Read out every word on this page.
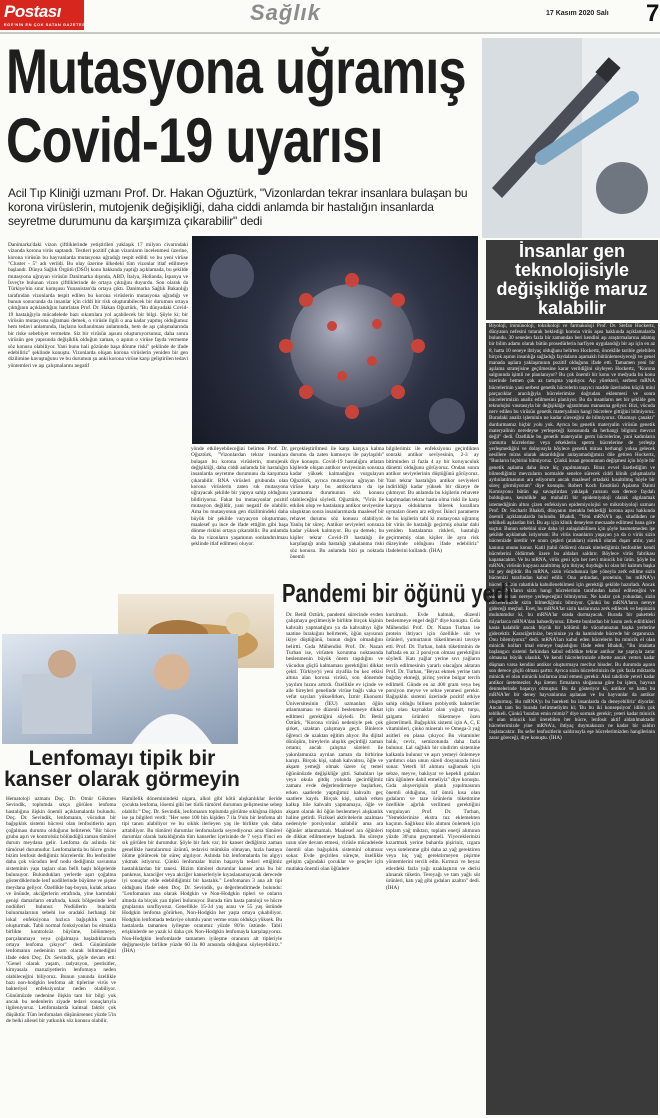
Postası
EGE'NİN EN ÇOK SATAN GAZETESİ	Sağlık	17 Kasım 2020 Salı 7
Mutasyona uğramış
Covid-19 uyarısı
Acil Tıp Kliniği uzmanı Prof. Dr. Hakan Oğuztürk, "Vizonlardan tekrar insanlara bulaşan bu korona virüslerin, mutojenik değişikliği, daha ciddi anlamda bir hastalığın insanlarda seyretme durumunu da karşımıza çıkarabilir" dedi
Danimarka'daki vizon çiftliklerinde yetiştirilen yaklaşık 17 milyon civarındaki vizonda korona virüs saptandı. Testleri pozitif çıkan vizonların incelenmesi üzerine, korona virüsün bu hayvanlarda mutasyona uğradığı tespit edildi ve bu yeni virüse "Cluster - 5" adı verildi. Bu olay üzerine ülkedeki tüm vizonlar itlaf edilmeye başlandı. Dünya Sağlık Örgütü (DSÖ) konu hakkında yaptığı açıklamada, bu şekilde mutasyona uğrayan virüsün Danimarka dışında, ABD, İtalya, Hollanda, İspanya ve İsveç'te bulunan vizon çiftliklerinde de ortaya çıktığını duyurdu. Son olarak da Türkiye'nin sınır komşusu Yunanistan'da ortaya çıktı. Danimarka Sağlık Bakanlığı tarafından vizonlarda tespit edilen bu korona virüslerin mutasyona uğradığı ve bunun sonucunda da insanlar için ciddi bir risk oluşturabilecek bir durumun ortaya çıktığının açıklandığını hatırlatan Prof. Dr. Hakan Oğuztürk, "Bu dünyadaki Covid-19 hastalığıyla mücadelede bazı sıkıntılara yol açabilecek bir bilgi. Şöyle ki; bir virüsün mutasyona uğraması demek, o virüsle ilgili o ana kadar yapmış olduğumuz hem tedavi anlamında, ilaçların kullanılması anlamında, hem de aşı çalışmalarında bir riske sebebiyet vermekte. Siz bir virüsün aşısını oluşturuyorsunuz, daha sonra virüsün gen yapısında değişiklik olduğun zaman, o aşının o virüse fayda vermeme söz konusu olabiliyor. Yani bunu hali gözünde başa dönme riski" şeklinde de ifade edebiliriz" şeklinde konuştu. Vizonlarda oluşan korona virüslerin yeniden bir gen dizilimine kavuştuğunu ve bu durumun şu anki korona virüse karşı geliştirilen tedavi yöntemleri ve aşı çalışmalarını negatif
yönde etkileyebileceğini belirten Prof. Dr. Oğuztürk, "Vizonlardan tekrar insanlara bulaşan bu korona virüslerin, mutojenik değişikliği, daha ciddi anlamda bir hastalığın insanlarda seyretme durumunu da karşımıza çıkarabilir. RNA virüsleri grubunda olan korona virüslerin zaten sık mutasyona uğrayacak şekilde bir yapıya sahip olduğunu bildiriyoruz. Fakat bu mutasyonlar pozitif mutasyon değildir, yani negatif de olabilir. Ama bu mutasyonun gen dizilimindeki daha büyük bir şekilde varyasyon oluşturması, maalesef şu ince de ifade ettiğim gibi başa dönme riskini ortaya çıkarabilir. Bu anlamda da bu vizonların yaşamının sonlandırılması şeklinde itlaf edilmesi oluyor.
gerçekleştirilmesi ile karşı karşıya kalma durumu da zaten kamuoyu ile paylaşıldı" diye konuştu. Covid-19 hastalığını atlatan kişilerde oluşan antikor seviyesinin sonsuza kadar yüksek kalmadığını vurgulayan Oğuztürk, ayrıca mutasyona uğrayan bir virüse karşı bu antikorların da işe yaramama durumunun söz konusu olabileceğini söyledi. Oğuztürk, "Virüs ile etkilek olup ve hastalanıp antikor seviyesine ulaştıktan sonra insanlarımızda maalesef bir rehavet durumu söz konusu olabiliyor. Yanlış bir süreç. Antikor seviyeleri sonsuza kadar yüksek kalmıyor. Bu şu demek; bu kişiler tekrar Covid-19 hastalığı ile karşılaştığı anda hastalığı yakalanma riski söz konusu. Bu anlamda bizi şu noktada önemli
bilgilerimiz ile enfeksiyonu geçirdikten sonraki antikor seviyesinin, 2-3 ay bitiminden zi fazla 4 ay bir koruyuculuk dönemi olduğunu görüyoruz. Ondan sonra antikor seviyelerinin düştüğünü görüyoruz. Yani tekrar hastalığın antikor seviyeleri indirildiği kadar yüksek bir düzeye de çıkmıyor. Bu anlamda bu kişilerin rehavete kapılmadan tekrar hasta olma riski ile karşı karşıya olduklarını bilerek kurallara uymaları önem arz ediyor. İkinci parametre de bu kişilerin tabi ki mutasyona uğramış bir virüs ile hastalığı geçirmiş olsalar dahi yeniden hastalanma riskleri, hastalığı geçirmemiş olan kişiler ile aynı risk düzeyinde olduğunu ifade edebiliriz" ifadelerini kullandı. (İHA)
İnsanlar gen teknolojisiyle değişikliğe maruz kalabilir
Biyoloji, immünoloji, toksikoloji ve farmakoloji Prof. Dr. Stefan Hockertz, dünyanın nefesini tutarak beklediği korona virüs aşısı hakkında açıklamalarda bulundu. 30 seneden fazla bir zamandan beri kendini aşı araştırmalarına adamış bir bilim adamı olarak bütün prosedürlerin harfiyen uygulandığı bir aşı için en az 8, hatta 10 seneye ihtiyaç olduğunu belirten Hockertz, önceklile tarihle gelebilen birçok aşının insanlığa sağladığı faydaların aşamaklı bütünlemesiyeceği ve genel manada aşılara yaklaşımının pozitif olduğunu ifade etti. Tamamen yeni bir aşılama stratejisine geçilmesine karar verildiğini söyleyen Hockertz, "Korona salgınında işimli ne planlanıyor? Bu çok önemli bir konu ve medyada bu konu üzerinde hemen çok az tartışma yapılıyor. Aşı yürekteri, serbest mRNA hücrelerinin yani serbest genetik hücrelerin taşıyıcı madde üzerinden küçük mini parçacıklar aracılığıyla hücrelerimize doğrudan eklenmesi ve sonra hücrelerimizin analiz edilmesini planlıyor. Bu da insanların net bir şekilde gen teknolojisi vasıtasıyla bir değişikliğe uğratılması manasına geliyor. Bizi, vücuda nerv edilen bu virüsün genetik materyalinin hangi hücrelere gittiğini bilmiyoruz. Buradaki analiz işleminin ne kadar süreceğini de bilmiyoruz. Okumayı çanaktı" durdurmamız hiçbir yolu yok. Ayrıca bu genetik materyalin virüsün genetik materyalinin neredeyse yerleşeceği konusunda da herhangi bilginiz mevcut değil" dedi. Özellikle bu genetik materyalin germ hücrelerine, yani kadınların yumurta hücrelerine veya erkeklerin sperm hücrelerine de yerleşip yerleşmediğini ve dolayısıyla böylece genetik mirası herhangi yoksa gelecek nesillere miras olarak aktarıldığını anlayamadığımızı dile getiren Hockertz, "Bunların hiçbirini bilmiyoruz. Çünkü insan genomunun değişmesi için böyle bir genetik aşılama daha önce hiç yapılmamıştı. Biraz evvel özetlediğim ve bilmediğimiz mevzuların normalde senelce sürecek ciddi klinik çalışmalarla aydınlatılmasının ara ediyorum ancak maalesef ortadaki kısaltılmış böyle bir süreç görmüyorum" diye konuştu. Robert Koch Enstitüsü Aşılama Daimi Komisyonu bütün aşı savaşılırdan yaklaşık yarısını son derece faydalı bulduğunu, kesinlikle aşı muhalifi bir epidemiyoloji olarak algılanmak istemediğinin altını çizen enfeksiyon epidemiyolojisi ve mikrobiyoloji uzmanı Prof. Dr. Sucharit Bhakdi, dünyanın merakla beklediği korona aşısı hakkında önemli açıklamalarda bulundu. Bhakdi, "Yeni mRNA'lı aşı, sitadikden ne tehlikeli aşılardan biri. Bu aşı için klinik deneylere mecsaade edilmesi bana göre suçtur. Bunun sebebini size daha iyi anlaşılabilinen için şöyle basmetmeden işe şekilde açıklamak istiyorum: Bu virüs insanların yaşayan ya da o virüs sizin hücrenizde üretilir ve onun çeşleri (atakları) sürekli olarak dışarı atılır, yani kanınız onunu konur. Katil (tabii öldüren) olarak nitelediğimiz lenfositler kendi hücrelerini öldürmek üzere bu aldaları saldırır. Böylece virüs fabrikası kapanacaktır. Ve bu mRNA, virüs geni için her nevi minicik bir ürün. Şöyle bu mRNA, virüsün kopyası azaltılmış için ihtiyaç duyduğu ki olan bir kalıtım başka bir şey değildir. Bu mRNA, sizin vücudunuza işte yöneyla zerk edilme sizin hücrenizi tarafından kabul edilir. Ona ardından, proteinin, bu mRNA'yı hücrelerinizin rahatlıkla kabullenebilmesi için gerektiği şekilde hazırladı. Ancak bu mRNA'ların sizin hangi hücrelerinin tarafından kabul edileceğini ve vücudunuzun nereye yerleşeceğini bilmiyoruz. Ne kadar çok yolundan, sizin hücrelerinizde sizin bilmediğimiz bilmiyor. Çünkü bu mRNA'ların nereye gideceği meçhul. Evet, bu mRNA'lar sizin kaslarınıza zerk edilecek ve bepinizin mulummdur ki, bu mRNA'lar orada durmayacak. Burada bir paketteki miyarlarca mRNA'dan bahsediyoruz. Elbette bunlardan bir kısmı zerk edildikleri kasta kalabilir ancak büyük bir bölümü de vücudunuzun başka yerlerine gidecektir. Karaciğerinize, beyninize ya da hamisinde hücrede bir organınıza. Onu bilemiyoruz" dedi. mRNA'ları kabul eden hücrelerin bu minicik el olan minicik kolları imal etmeye başladığını ifade eden Bhakdi, "Bu imalatta başlangıcı sistemi farkindan kabul edildikte tekrar antikor ise yaptıyla zarar olmasına büyük olasılık. Ve kendi hücrelerimizde elbette ancak vertex kadar düşman varsa kendini antikor oluşturmaya mecbur hissder. Bu durumda aşının son derece güçlü olması şarttır. Ayrıca sizin hücrelerinizin de çok fazla miktarda minicik el olan minicik kollarına imal etmesi gerekir. Aksi takdirde yeteri kadar antikor üretemezler. Aşı üreten firmaların sloğanına göre bu işlem, hayvan denmelerinde başarıyı olmuştur. Bu da gösteriyor ki, antikor ve hatta bu mRNA'ler bir deney hayvanlarına aşılanan ve bu hayvanlar da antikor oluşturmuş. Bu mRNA'yı bu hareketi bu insanlarda da deneyebiliriz' diyorlar. Ancak tam bu burada belirtmeliyim ki; 'Bu bu iki konsepsiyon' idilin çok tehlikeli. Çünkü 'bundan emin mimiz?' diye sormak gerekir; yeteri kadar minicik el olan minicik kol üretebilen her hücre, lenfosit aktif aldatılmaktadır hücrelerimizde yine mRNA'a, ihtiyaç duymaksızın ne kadar bir saldırı başlatacaktır. Bu sefer lenfositlerin saldırısıyla eşe hücrelerimizden hangilerinin zarar göreceği, diye konuştu. (İHA)
Pandemi bir öğünü yedi
Dr. Betül Öztürk, pandemi sürecinde evden çalışmaya geçilmesiyle birlikte birçok kişinin kahvaltı yapmadığını ya da kahvaltıyı öğle saatine bırakığını belirterek, öğün sayısının ikiye düştüğünü, bunun doğru olmadığını belirtti. Gıda Mühendisi Prof. Dr. Nazan Turhan ise, virüsten korunma noktasında beslenmenin büyük önem taşıdığını ve vücudun güçlü kalmaması gerektiğini dikkat çekti. Türkiye'yi yeni ziyafiia bu kez etkisi altına alan korona virüsü, son dönemde yayılım hızını artırdı. Özellikle ev içinde ve aile bireyleri genelinde virüse bağlı vaka ve vefat sayıları yükselirken, İzmir Ekonomi Üniversitesinin (İEU) uzmanları öğün atlanmaması ve düzenli beslenmeye dikkat edilmesi gerektiğini söyledi. Dr. Betül Öztürk, "Korona virüsü nedeniyle pek çok şirket, uzaktan çalışmaya geçti. Binlerce öğrenci de uzaktan eğitim alıyor. Bu dijital dönüşüm, bireylerin alışılık geçirdiği zaman ortamı; ancak çalışma süreleri ile yakınlamınıza ayrılan zaman da birbirine karıştı. Birçok kişi, sabah kahvaltısı, öğle ve akşam yemeği olmak üzere üç temel öğününüzde değişikliğe gitti. Sabahları işe veya okula gitdiş yolunda gecirdiğimiz zamanı evde değerlendirmeye başlarken, erken saatlerde yaptığımız kahvaltı geç saatlere kaydı. Birçok kişi, sabah erken kalkıp bile kahvaltı yapmamaya, öğle ve akşam olarak iki öğün beslenmeyi alışkanlık haline getirdi. Fiziksel aktivitelerin azalması nedeniyle porsiyonlar azlabilir ama ara öğünler atlanmamalı. Maalesef ara öğünleri de dikkat edilmemeye başlandı. Bu süreçte uzun süre devam etmesi, virüsle mücadelede önemli olan bağışıklık sistemini olumsuz sokar. Evde geçirilen süreçte, özellikle gelişim çağındaki çocuklar ve gençler için mutlaka önemli olan öğünlere
kurulmalı. Evde kalmak, düzenli beslenmeye engel değil" diye konuştu. Gıda Mühendisi Prof. Dr. Nazan Turhan ise protein ihtiyacı için özellikle süt ve ürünleri, yumurtanın tüketilmesini tavsiye etti. Prof. Dr. Turhan, balık tüketiminin de haftada en az 3 porsiyon olması gerektiğini söyledi. Katı yağlar yerine sıvı yağların tercih edilmesinin yararlı olacağını aktaran Prof. Dr. Turhan, "Beyaz ekmek yerine tam buğday ekmeği, pirinç yerine bulgur tercih edilmeli. Günde en az 400 gram veya beş porsiyon meyve ve sebze yenmesi gerekir. Bağışıklık sistemi üzerinde pozitif etkiye sahip olduğu bilinen probiyotik bakteriler için olası kaynaklar olan yoğurt, turşu, şalgamı ürünleri tüketmeye özen gösterilmeli. Bağışıklık sistemi için A, C, E vitaminleri, çinko mineralı ve Omega-3 yağ asitleri en plana çıkıyor. Bu vitaminler balık, ceviz, semizotunda daha fazla bulunur. Lal sağlıklı bir sindirim sistemine kalkanla bulunur ve aşırı yemeyi önlemeye yardımcı olan unun süreli dosyanızda hissi sunar. Yeterli lif alımını sağlamak için sebze, meyve, baklıyat ve kepekli gıdaları tüm öğünlere dahil etmeliyiz" diye konuştu. Gıda alışverişinin planlı yapılmasının önemli olduğunu, raf ömrü kısa olan gıdaların ve taze ürünlerin tüketimine özellikle ağırlık verilmesi gerektiğini vurgulayan Prof. Dr. Turhan, "Yemeklerinize ekstra tuz eklemekten kaçının. Sağlıksız kilo alımını önlemek için toplam yağ miktarı, toplam enerji alımının yüzde 30'unu geçmemeli. Yiyeceklerinizi kızartmak yerine buharda pişiriniz, ızgara veya sotelenme gibi daha az yağ gerektiren veya hiç yağ gerektirmeyen pişirme yöntemlerini tercih edin. Kırmızı ve beyaz etlerdeki fazla yağı uzaklaştırın ve derisi alınarak tüketin. Tereyağı ve tam yağlı süt ürünleri, katı yağ gibi gıdaları azaltın" dedi. (İHA)
Lenfomayı tipik bir kanser olarak görmeyin
Hematoloji uzmanı Doç. Dr. Ömür Gökmen Sevindik, toplumda sıkça görülen lenfoma hastalığına ilişkin önemli açıklamalarda bulundu. Doç. Dr. Sevindik, lenfomanın, vücudun bir bağışıklık sistemi hücresi olan lenfositlerin aşırı çoğalması durumu olduğunu belirterek "Bir hücre grubu aşırı ve kontrolsüz bölündüğü zaman tümörel durum meydana gelir. Lenfoma da aslında bir tümörsel durumudur. Lenfomalarda bu hücre grubu bizim lenfosit dediğimiz hücrelerdir. Bu lenfositler daha çok vücudun lenf nodu dediğimiz savunma sisteminin yapı taşları olan belli başlı bölgelerde bulunuyor. Bulundukları yerlerde aşırı çoğalma gösterdiklerinde lenf nodillerinde büyüme ve şişme meydana geliyor. Özellikle baş-boyun, kulak arkası ve önünde, akciğerlerin etrafında, yine karındaki genişi damarların etrafında, kasık bölgesinde lenf nodülleri bulunur. Nodüllerin bunlarda bulunmalarının sebebi ise oradaki herhangi bir lokal enfeksiyona hızlıca bağışıklık yanıtı oluşturmak. Tabii normal fonksiyonları bu elmakla birlikte kontrolsüz büyüme, bölünmeye, parçalanmaya veya çoğalmaya başladıklarında ortaya lenfoma çıkıyor" dedi. Günümüzde lenfomanın nedeninin tam olarak bilinmediğini ifade eden Doç. Dr. Sevindik, şöyle devam etti: "Genel olarak yaşam, radyasyon, pestisitler, kimyasala maruziyetlerin lenfomaya neden olabileceğini biliyoruz. Bunun yanında özellikle bazı non-hodgkin lenfoma alt tiplerine virüs ve bakteriyel enfeksiyonlar neden olabiliyor. Günümüzde nedenine ilişkin tam bir bilgi yok ancak bu nedenlerin ziyade tedavi sonuçlarıyla ilgileniyoruz. Lenfomalarda kalıtsal faktör çok düşüktür. Tüm lenfomaları düşünürsenez yüzde 5'in de belki ailesel bir yatkınlık söz konusu olabilir.
Hamilelik döneminindeki nigara, alkol gibi kötü alışkanlıklar ileride çocukta lenfoma, lösemi gibi her türlü tümörel durumun gelişmesine sebep olabilir." Doç. Dr. Sevindik, lenfomanın toplumda görülme sıklığına ilişkin ise şu bilgileri verdi: "Her sene 100 bin kişiden 7 ila 9'ulu bir lenfoma alt tipi tanısı alabiliyor ve bu sıklık ilerleyen yaş ile birlikte çok daha artabiliyor. Bu tümörel durumlar lenfomalarda seyrediyoruz ama tümörel durumlar olarak bakıldığında tüm kanserler içerisinde de 7 veya 8'inci en sık görülen bir durumdur. Şöyle bir fark var; bir kanser dediğimiz zaman genellikle hastalarımız üzüntü, tedavisi mümkün olmayan, hızla hastaya ölüme götürecek bir süreç algılıyor. Aslında biz lenfomalarda bu algıyı yıkmak istiyoruz. Çünkü lenfomalar bizim başarıyla tedavi ettiğimiz hastalıklardan bir tanesi. Bizim tümörel durumlar kanser ama bu bir pankreas, karaciğer veya akciğer kanserleriyle kıyaslanamayacak derecede iyi sonuçlar elde edebildiğimiz bir hastalık." Lenfomanın 3 ana alt tipi olduğunu ifade eden Doç. Dr. Sevindik, şu değerlendirmede bulundu: "Lenfomanın ana olarak Hodgkin ve Non-Hodgkin tipleri ve onların altında da birçok yan tipleri bulunuyor. Burada tüm hasta patoloji ve hücre gruplarına sınıflıyoruz. Genellikle 15-34 yaş arası ve 55 yaş üstünde Hodgkin lenfoma görürken, Non-Hodgkin her yaşta ortaya çıkabiliyor. Hodgkin lenfomada tedaviye olumlu yanıt verme oranı oldukça yüksek. Bu hastalarda tamamen iyileşme oranımız yüzde 80'in üstünde. Tabii erişkinlerde ne yazık ki daha çok Non-Hodgkin lenfomayla karşılaşıyoruz. Non-Hodgkin lenfomlarde tamamen iyileşme oranının alt tipleriyle değişmesiyle birlikte yüzde 60 ila 80 arasında olduğunu söyleyebiliriz." (İHA)
